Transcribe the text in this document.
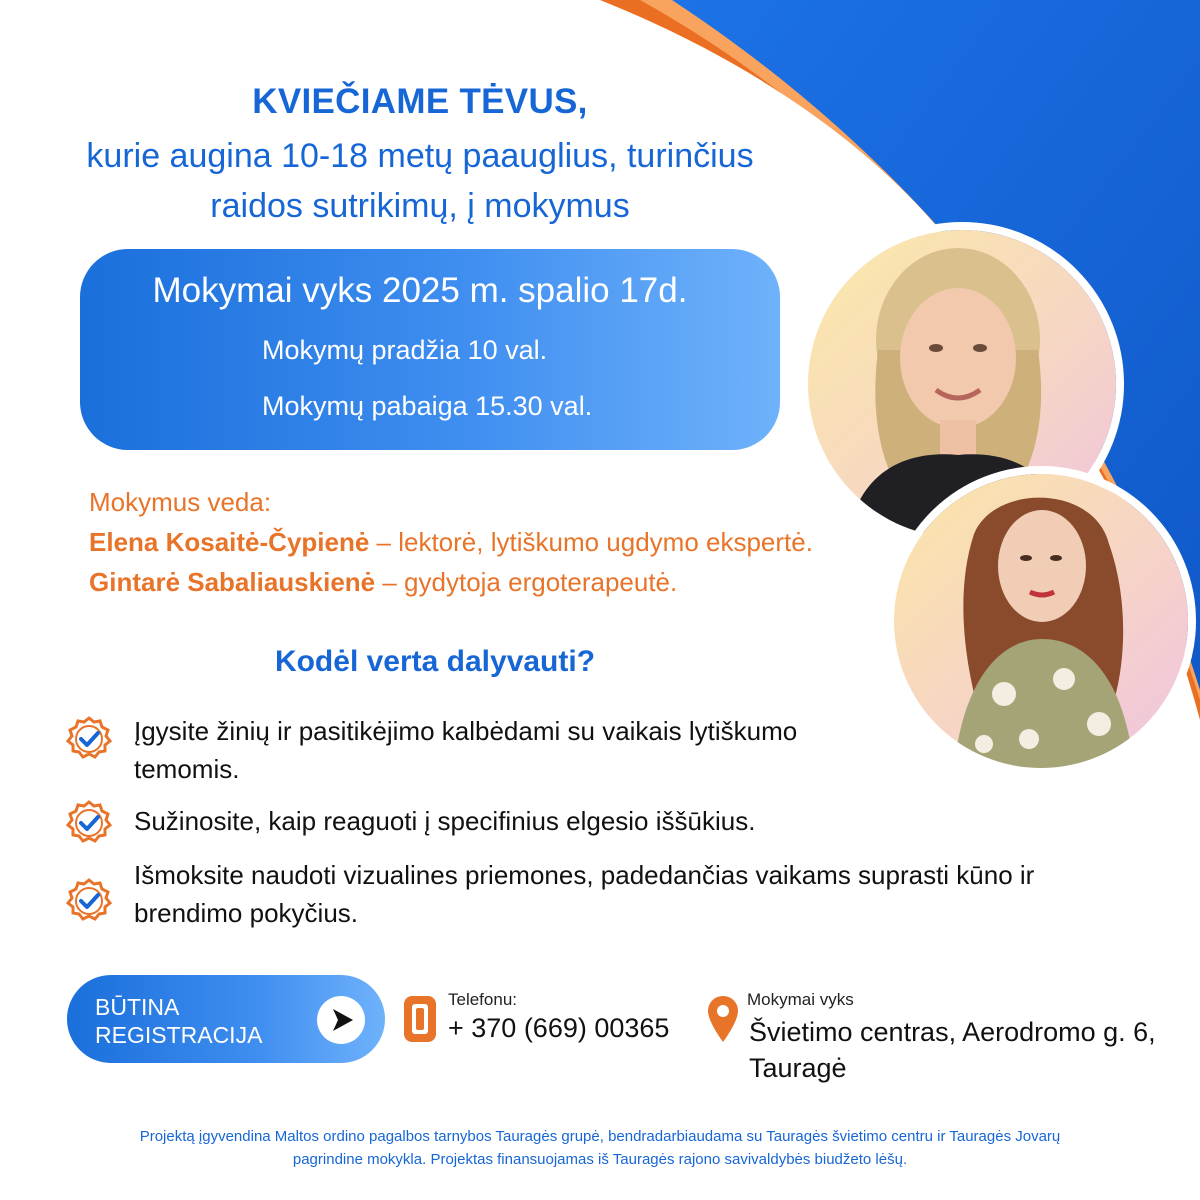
KVIEČIAME TĖVUS,
kurie augina 10-18 metų paauglius, turinčius
raidos sutrikimų, į mokymus
Mokymai vyks 2025 m. spalio 17d.
Mokymų pradžia 10 val.
Mokymų pabaiga 15.30 val.
Mokymus veda:
Elena Kosaitė-Čypienė – lektorė, lytiškumo ugdymo ekspertė.
Gintarė Sabaliauskienė – gydytoja ergoterapeutė.
Kodėl verta dalyvauti?
Įgysite žinių ir pasitikėjimo kalbėdami su vaikais lytiškumo
temomis.
Sužinosite, kaip reaguoti į specifinius elgesio iššūkius.
Išmoksite naudoti vizualines priemones, padedančias vaikams suprasti kūno ir
brendimo pokyčius.
BŪTINA
REGISTRACIJA
Telefonu:
+ 370 (669) 00365
Mokymai vyks
Švietimo centras, Aerodromo g. 6,
Tauragė
Projektą įgyvendina Maltos ordino pagalbos tarnybos Tauragės grupė, bendradarbiaudama su Tauragės švietimo centru ir Tauragės Jovarų
pagrindine mokykla. Projektas finansuojamas iš Tauragės rajono savivaldybės biudžeto lėšų.
